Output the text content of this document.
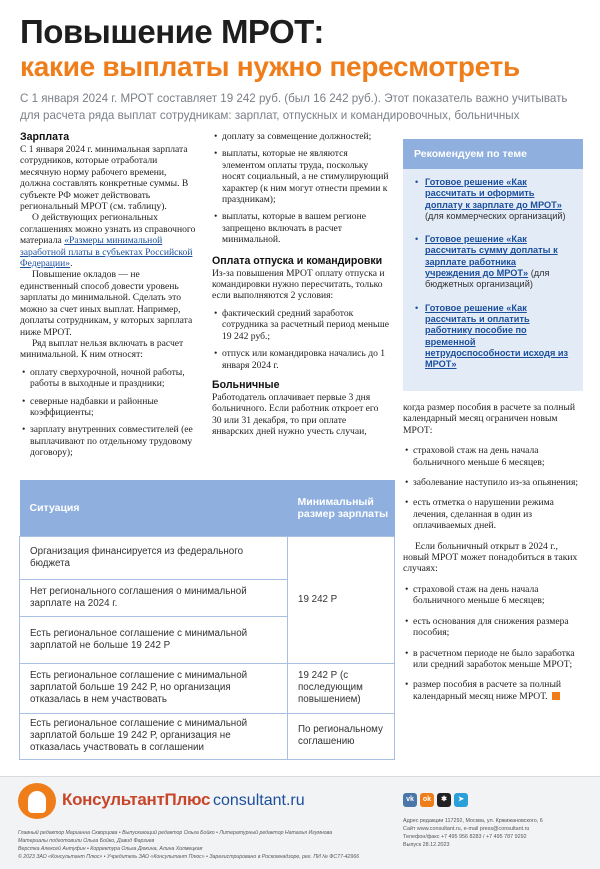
Повышение МРОТ:
какие выплаты нужно пересмотреть
С 1 января 2024 г. МРОТ составляет 19 242 руб. (был 16 242 руб.). Этот показатель важно учитывать для расчета ряда выплат сотрудникам: зарплат, отпускных и командировочных, больничных
Зарплата

С 1 января 2024 г. минимальная зарплата сотрудников, которые отработали месячную норму рабочего времени, должна составлять конкретные суммы. В субъекте РФ может действовать региональный МРОТ (см. таблицу).

О действующих региональных соглашениях можно узнать из справочного материала «Размеры минимальной заработной платы в субъектах Российской Федерации».

Повышение окладов — не единственный способ довести уровень зарплаты до минимальной. Сделать это можно за счет иных выплат. Например, доплаты сотрудникам, у которых зарплата ниже МРОТ.

Ряд выплат нельзя включать в расчет минимальной. К ним относят:

• оплату сверхурочной, ночной работы, работы в выходные и праздники;
• северные надбавки и районные коэффициенты;
• зарплату внутренних совместителей (ее выплачивают по отдельному трудовому договору);
• доплату за совмещение должностей;
• выплаты, которые не являются элементом оплаты труда, поскольку носят социальный, а не стимулирующий характер (к ним могут отнести премии к праздникам);
• выплаты, которые в вашем регионе запрещено включать в расчет минимальной.
Оплата отпуска и командировки

Из-за повышения МРОТ оплату отпуска и командировки нужно пересчитать, только если выполняются 2 условия:

• фактический средний заработок сотрудника за расчетный период меньше 19 242 руб.;
• отпуск или командировка начались до 1 января 2024 г.
Больничные

Работодатель оплачивает первые 3 дня больничного. Если работник откроет его 30 или 31 декабря, то при оплате январских дней нужно учесть случаи,

Рекомендуем по теме
• Готовое решение «Как рассчитать и оформить доплату к зарплате до МРОТ» (для коммерческих организаций)
• Готовое решение «Как рассчитать сумму доплаты к зарплате работника учреждения до МРОТ» (для бюджетных организаций)
• Готовое решение «Как рассчитать и оплатить работнику пособие по временной нетрудоспособности исходя из МРОТ»

когда размер пособия в расчете за полный календарный месяц ограничен новым МРОТ:

• страховой стаж на день начала больничного меньше 6 месяцев;
• заболевание наступило из-за опьянения;
• есть отметка о нарушении режима лечения, сделанная в один из оплачиваемых дней.

Если больничный открыт в 2024 г., новый МРОТ может понадобиться в таких случаях:

• страховой стаж на день начала больничного меньше 6 месяцев;
• есть основания для снижения размера пособия;
• в расчетном периоде не было заработка или средний заработок меньше МРОТ;
• размер пособия в расчете за полный календарный месяц ниже МРОТ.
Ситуация	Минимальный размер зарплаты
Организация финансируется из федерального бюджета	19 242 Р
Нет регионального соглашения о минимальной зарплате на 2024 г.	
Есть региональное соглашение с минимальной зарплатой не больше 19 242 Р	
Есть региональное соглашение с минимальной зарплатой больше 19 242 Р, но организация отказалась в нем участвовать	19 242 Р (с последующим повышением)
Есть региональное соглашение с минимальной зарплатой больше 19 242 Р, организация не отказалась участвовать в соглашении	По региональному соглашению
КонсультантПлюс consultant.ru	vk	ok	✱	➤
Главный редактор Марианна Скворцова • Выпускающий редактор Ольга Бойко • Литературный редактор Наталья Игумнова
Материалы подготовили Ольга Бойко, Давид Фарзиев
Верстка Алексей Антуфин • Корректура Ольга Дюкина, Алина Холмецкая
© 2023 ЗАО «Консультант Плюс» • Учредитель ЗАО «Консультант Плюс» • Зарегистрировано в Роскомнадзоре, рег. ПИ № ФС77-42966
Адрес редакции 117292, Москва, ул. Кржижановского, 6
Сайт www.consultant.ru, e-mail press@consultant.ru
Телефон/факс +7 495 956 8283 / +7 495 787 9292
Выпуск 28.12.2023
